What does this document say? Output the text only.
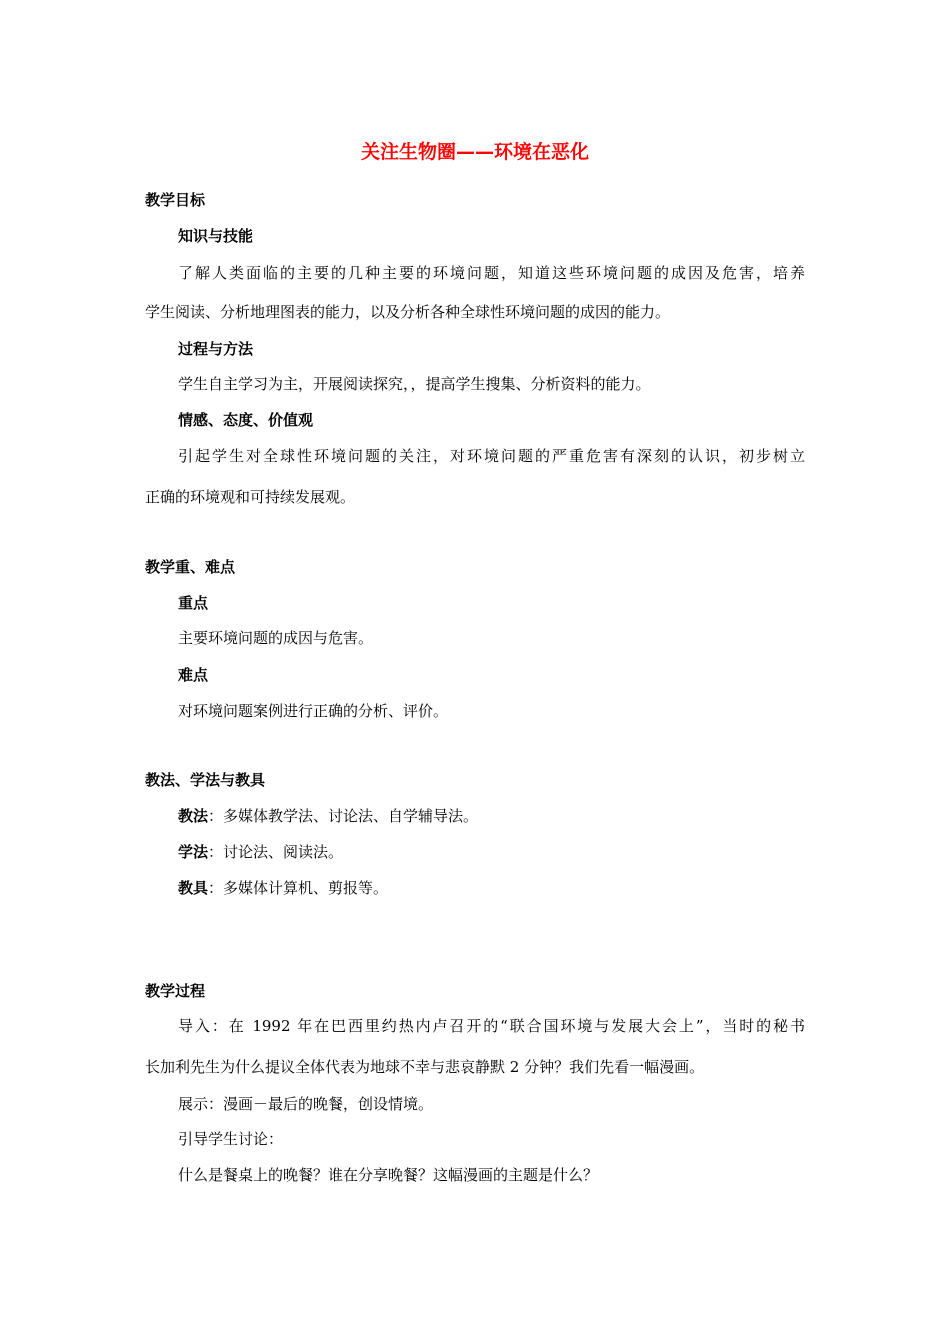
关注生物圈——环境在恶化
教学目标
知识与技能
了解人类面临的主要的几种主要的环境问题，知道这些环境问题的成因及危害，培养
学生阅读、分析地理图表的能力，以及分析各种全球性环境问题的成因的能力。
过程与方法
学生自主学习为主，开展阅读探究，，提高学生搜集、分析资料的能力。
情感、态度、价值观
引起学生对全球性环境问题的关注，对环境问题的严重危害有深刻的认识，初步树立
正确的环境观和可持续发展观。
教学重、难点
重点
主要环境问题的成因与危害。
难点
对环境问题案例进行正确的分析、评价。
教法、学法与教具
教法：多媒体教学法、讨论法、自学辅导法。
学法：讨论法、阅读法。
教具：多媒体计算机、剪报等。
教学过程
导入：在 1992 年在巴西里约热内卢召开的“联合国环境与发展大会上”，当时的秘书
长加利先生为什么提议全体代表为地球不幸与悲哀静默 2 分钟？我们先看一幅漫画。
展示：漫画－最后的晚餐，创设情境。
引导学生讨论：
什么是餐桌上的晚餐？谁在分享晚餐？这幅漫画的主题是什么？
